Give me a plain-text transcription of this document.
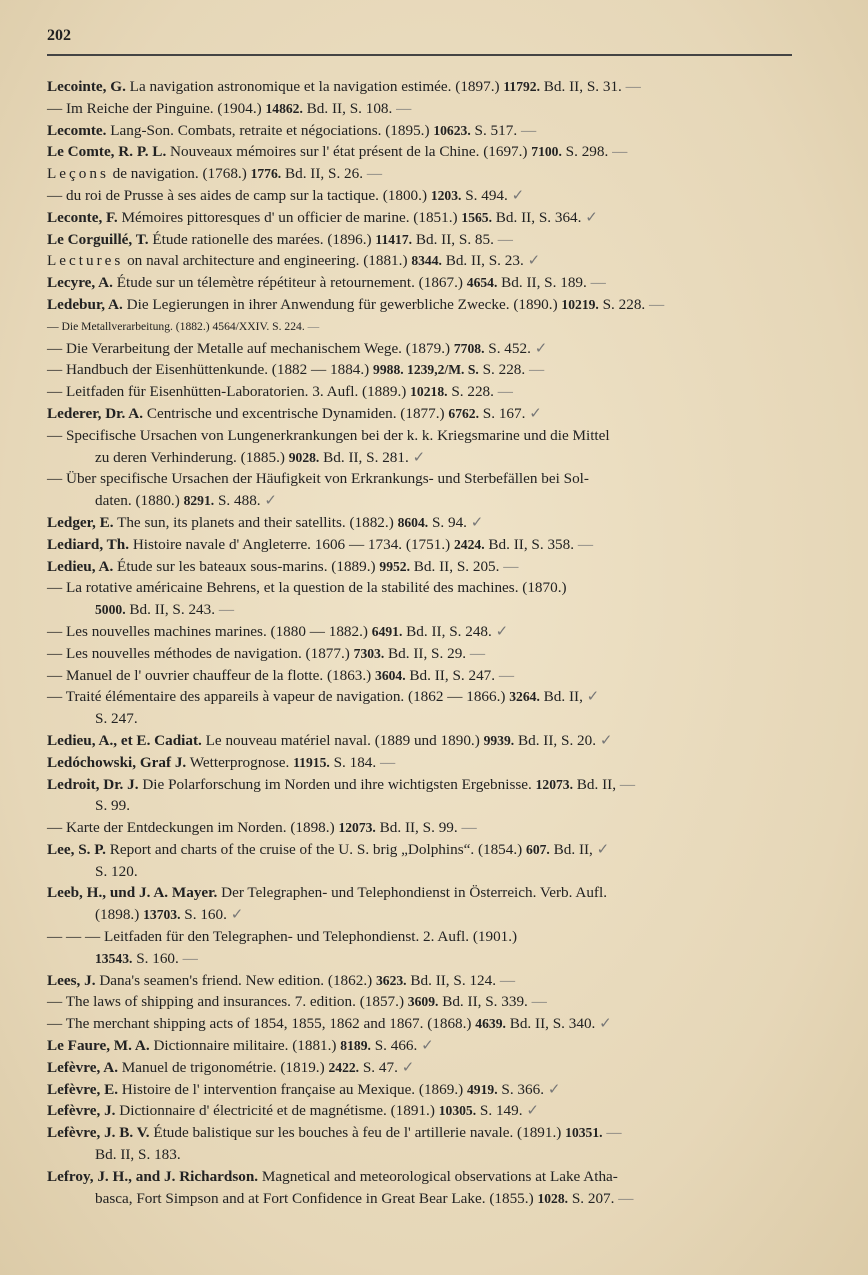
202
Lecointe, G. La navigation astronomique et la navigation estimée. (1897.) 11792. Bd. II, S. 31. —
— Im Reiche der Pinguine. (1904.) 14862. Bd. II, S. 108. —
Lecomte. Lang-Son. Combats, retraite et négociations. (1895.) 10623. S. 517. —
Le Comte, R. P. L. Nouveaux mémoires sur l' état présent de la Chine. (1697.) 7100. S. 298. —
Leçons de navigation. (1768.) 1776. Bd. II, S. 26. —
— du roi de Prusse à ses aides de camp sur la tactique. (1800.) 1203. S. 494. ✓
Leconte, F. Mémoires pittoresques d' un officier de marine. (1851.) 1565. Bd. II, S. 364. ✓
Le Corguillé, T. Étude rationelle des marées. (1896.) 11417. Bd. II, S. 85. —
Lectures on naval architecture and engineering. (1881.) 8344. Bd. II, S. 23. ✓
Lecyre, A. Étude sur un télemètre répétiteur à retournement. (1867.) 4654. Bd. II, S. 189. —
Ledebur, A. Die Legierungen in ihrer Anwendung für gewerbliche Zwecke. (1890.) 10219. S. 228. —
— Die Metallverarbeitung. (1882.) 4564/XXIV. S. 224. —
— Die Verarbeitung der Metalle auf mechanischem Wege. (1879.) 7708. S. 452. ✓
— Handbuch der Eisenhüttenkunde. (1882 — 1884.) 9988. 1239,2/M. S. S. 228. —
— Leitfaden für Eisenhütten-Laboratorien. 3. Aufl. (1889.) 10218. S. 228. —
Lederer, Dr. A. Centrische und excentrische Dynamiden. (1877.) 6762. S. 167. ✓
— Specifische Ursachen von Lungenerkrankungen bei der k. k. Kriegsmarine und die Mittel
zu deren Verhinderung. (1885.) 9028. Bd. II, S. 281. ✓
— Über specifische Ursachen der Häufigkeit von Erkrankungs- und Sterbefällen bei Sol-
daten. (1880.) 8291. S. 488. ✓
Ledger, E. The sun, its planets and their satellits. (1882.) 8604. S. 94. ✓
Lediard, Th. Histoire navale d' Angleterre. 1606 — 1734. (1751.) 2424. Bd. II, S. 358. —
Ledieu, A. Étude sur les bateaux sous-marins. (1889.) 9952. Bd. II, S. 205. —
— La rotative américaine Behrens, et la question de la stabilité des machines. (1870.)
5000. Bd. II, S. 243. —
— Les nouvelles machines marines. (1880 — 1882.) 6491. Bd. II, S. 248. ✓
— Les nouvelles méthodes de navigation. (1877.) 7303. Bd. II, S. 29. —
— Manuel de l' ouvrier chauffeur de la flotte. (1863.) 3604. Bd. II, S. 247. —
— Traité élémentaire des appareils à vapeur de navigation. (1862 — 1866.) 3264. Bd. II, ✓
S. 247.
Ledieu, A., et E. Cadiat. Le nouveau matériel naval. (1889 und 1890.) 9939. Bd. II, S. 20. ✓
Ledóchowski, Graf J. Wetterprognose. 11915. S. 184. —
Ledroit, Dr. J. Die Polarforschung im Norden und ihre wichtigsten Ergebnisse. 12073. Bd. II, —
S. 99.
— Karte der Entdeckungen im Norden. (1898.) 12073. Bd. II, S. 99. —
Lee, S. P. Report and charts of the cruise of the U. S. brig „Dolphins“. (1854.) 607. Bd. II, ✓
S. 120.
Leeb, H., und J. A. Mayer. Der Telegraphen- und Telephondienst in Österreich. Verb. Aufl.
(1898.) 13703. S. 160. ✓
— — — Leitfaden für den Telegraphen- und Telephondienst. 2. Aufl. (1901.)
13543. S. 160. —
Lees, J. Dana's seamen's friend. New edition. (1862.) 3623. Bd. II, S. 124. —
— The laws of shipping and insurances. 7. edition. (1857.) 3609. Bd. II, S. 339. —
— The merchant shipping acts of 1854, 1855, 1862 and 1867. (1868.) 4639. Bd. II, S. 340. ✓
Le Faure, M. A. Dictionnaire militaire. (1881.) 8189. S. 466. ✓
Lefèvre, A. Manuel de trigonométrie. (1819.) 2422. S. 47. ✓
Lefèvre, E. Histoire de l' intervention française au Mexique. (1869.) 4919. S. 366. ✓
Lefèvre, J. Dictionnaire d' électricité et de magnétisme. (1891.) 10305. S. 149. ✓
Lefèvre, J. B. V. Étude balistique sur les bouches à feu de l' artillerie navale. (1891.) 10351. —
Bd. II, S. 183.
Lefroy, J. H., and J. Richardson. Magnetical and meteorological observations at Lake Atha-
basca, Fort Simpson and at Fort Confidence in Great Bear Lake. (1855.) 1028. S. 207. —
